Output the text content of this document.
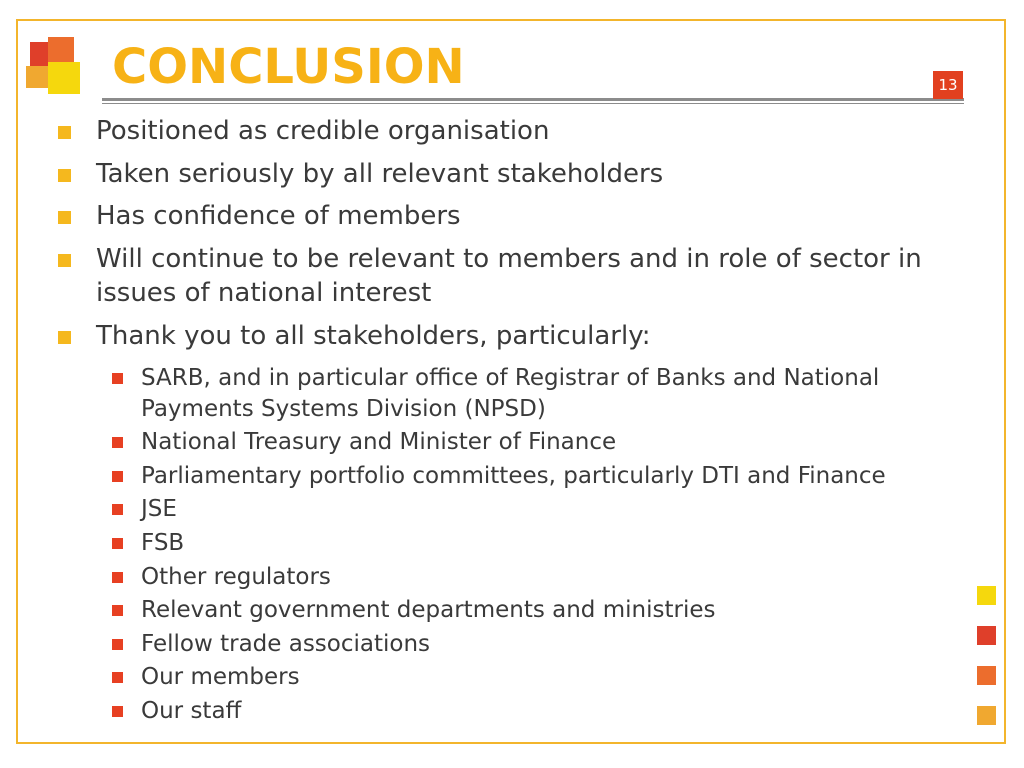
CONCLUSION	13
Positioned as credible organisation
Taken seriously by all relevant stakeholders
Has confidence of members
Will continue to be relevant to members and in role of sector in issues of national interest
Thank you to all stakeholders, particularly:
SARB, and in particular office of Registrar of Banks and National Payments Systems Division (NPSD)
National Treasury and Minister of Finance
Parliamentary portfolio committees, particularly DTI and Finance
JSE
FSB
Other regulators
Relevant government departments and ministries
Fellow trade associations
Our members
Our staff
